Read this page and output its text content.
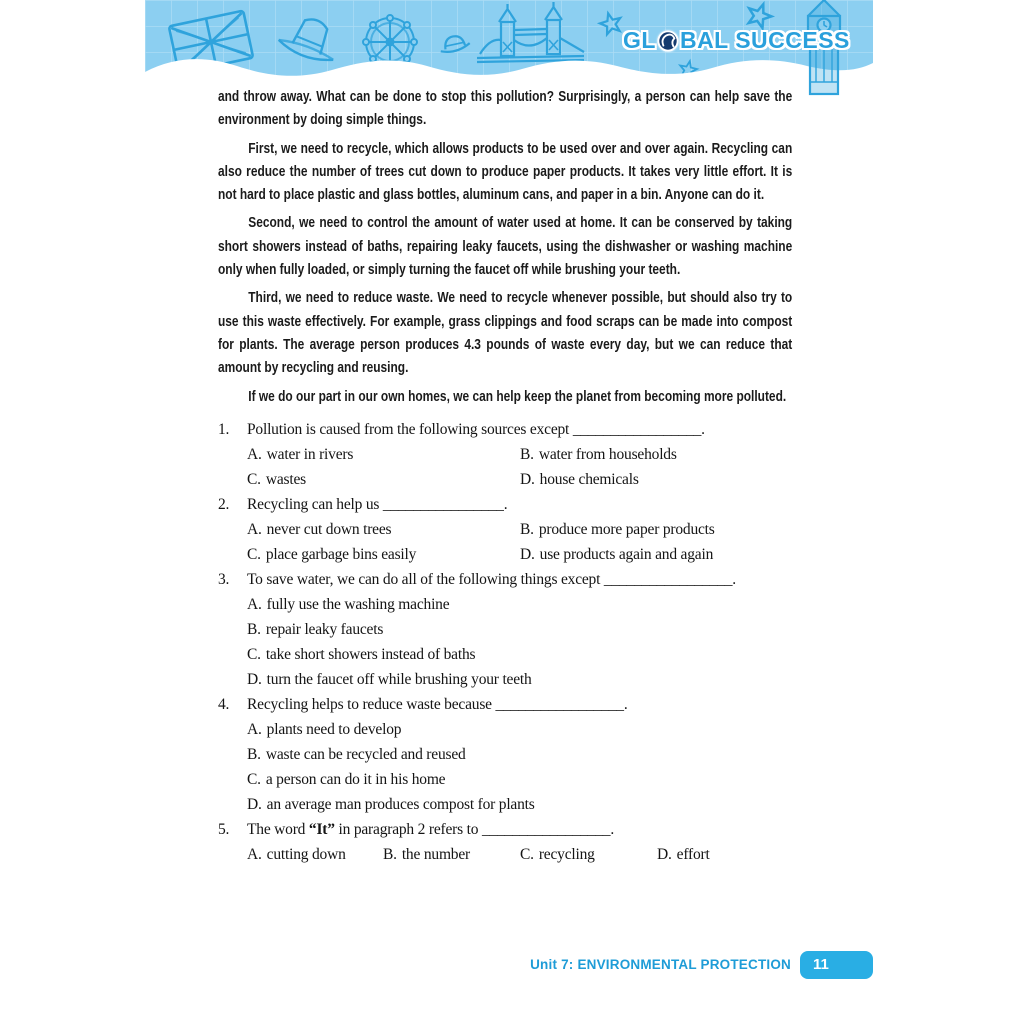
GL BAL SUCCESS

and throw away. What can be done to stop this pollution? Surprisingly, a person can help save the environment by doing simple things.

First, we need to recycle, which allows products to be used over and over again. Recycling can also reduce the number of trees cut down to produce paper products. It takes very little effort. It is not hard to place plastic and glass bottles, aluminum cans, and paper in a bin. Anyone can do it.

Second, we need to control the amount of water used at home. It can be conserved by taking short showers instead of baths, repairing leaky faucets, using the dishwasher or washing machine only when fully loaded, or simply turning the faucet off while brushing your teeth.

Third, we need to reduce waste. We need to recycle whenever possible, but should also try to use this waste effectively. For example, grass clippings and food scraps can be made into compost for plants. The average person produces 4.3 pounds of waste every day, but we can reduce that amount by recycling and reusing.

If we do our part in our own homes, we can help keep the planet from becoming more polluted.

1.	Pollution is caused from the following sources except _________________.
A. water in rivers	B. water from households
C. wastes	D. house chemicals
2.	Recycling can help us ________________.
A. never cut down trees	B. produce more paper products
C. place garbage bins easily	D. use products again and again
3.	To save water, we can do all of the following things except _________________.
A. fully use the washing machine
B. repair leaky faucets
C. take short showers instead of baths
D. turn the faucet off while brushing your teeth
4.	Recycling helps to reduce waste because _________________.
A. plants need to develop
B. waste can be recycled and reused
C. a person can do it in his home
D. an average man produces compost for plants
5.	The word “It” in paragraph 2 refers to _________________.
A. cutting down	B. the number	C. recycling	D. effort
Unit 7: ENVIRONMENTAL PROTECTION	11
